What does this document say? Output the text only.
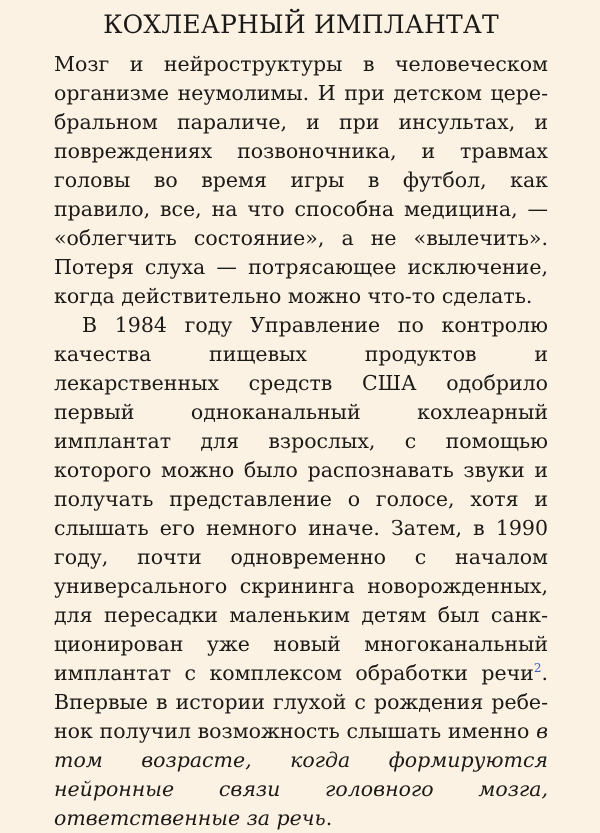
КОХЛЕАРНЫЙ ИМПЛАНТАТ

Мозг и нейроструктуры в человеческом организме неумолимы. И при детском церебральном параличе, и при инсультах, и повреждениях позвоночника, и травмах головы во время игры в футбол, как правило, все, на что способна медицина, — «облегчить состояние», а не «вылечить». Потеря слуха — потрясающее исключение, когда действительно можно что-то сделать.

В 1984 году Управление по контролю качества пищевых продуктов и лекарственных средств США одобрило первый одноканальный кохлеарный имплантат для взрослых, с помощью которого можно было распознавать звуки и получать представление о голосе, хотя и слышать его немного иначе. Затем, в 1990 году, почти одновременно с началом универсального скрининга новорожденных, для пересадки маленьким детям был санкционирован уже новый многоканальный имплантат с комплексом обработки речи$^2$. Впервые в истории глухой с рождения ребенок получил возможность слышать именно в том возрасте, когда формируются нейронные связи головного мозга, ответственные за речь.
